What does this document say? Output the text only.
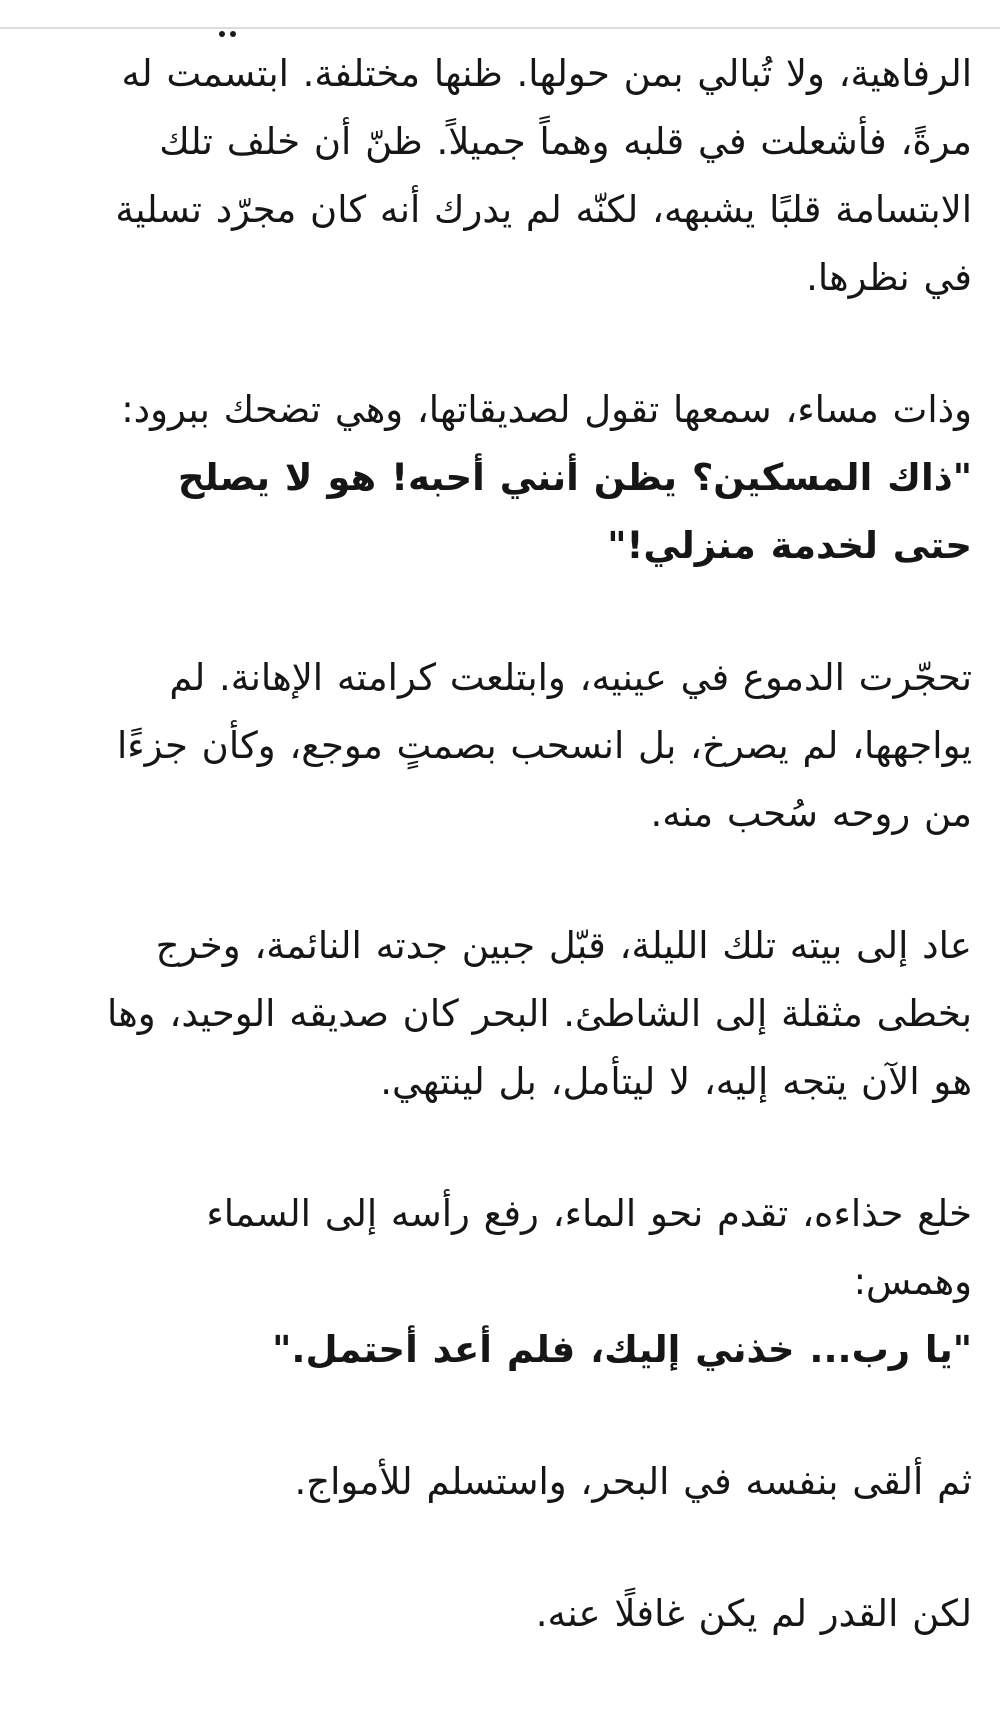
الرفاهية، ولا تُبالي بمن حولها. ظنها مختلفة. ابتسمت له مرةً، فأشعلت في قلبه وهماً جميلاً. ظنّ أن خلف تلك الابتسامة قلبًا يشبهه، لكنّه لم يدرك أنه كان مجرّد تسلية في نظرها.

وذات مساء، سمعها تقول لصديقاتها، وهي تضحك ببرود:

"ذاك المسكين؟ يظن أنني أحبه! هو لا يصلح حتى لخدمة منزلي!"

تحجّرت الدموع في عينيه، وابتلعت كرامته الإهانة. لم يواجهها، لم يصرخ، بل انسحب بصمتٍ موجع، وكأن جزءًا من روحه سُحب منه.

عاد إلى بيته تلك الليلة، قبّل جبين جدته النائمة، وخرج بخطى مثقلة إلى الشاطئ. البحر كان صديقه الوحيد، وها هو الآن يتجه إليه، لا ليتأمل، بل لينتهي.

خلع حذاءه، تقدم نحو الماء، رفع رأسه إلى السماء وهمس:

"يا رب... خذني إليك، فلم أعد أحتمل."

ثم ألقى بنفسه في البحر، واستسلم للأمواج.

لكن القدر لم يكن غافلًا عنه.
